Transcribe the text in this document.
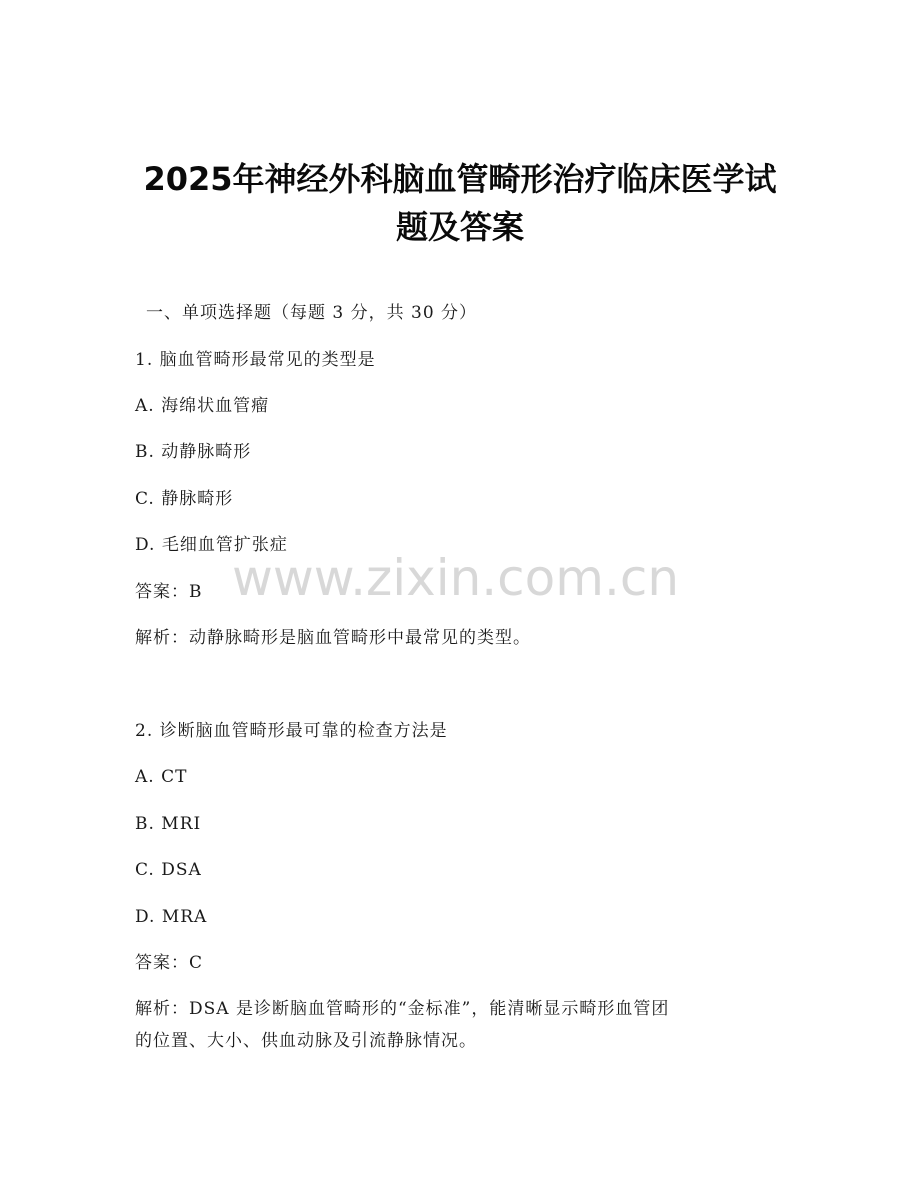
2025年神经外科脑血管畸形治疗临床医学试
题及答案
一、单项选择题（每题 3 分，共 30 分）
1. 脑血管畸形最常见的类型是
A. 海绵状血管瘤
B. 动静脉畸形
C. 静脉畸形
D. 毛细血管扩张症
答案：B
解析：动静脉畸形是脑血管畸形中最常见的类型。
2. 诊断脑血管畸形最可靠的检查方法是
A. CT
B. MRI
C. DSA
D. MRA
答案：C
解析：DSA 是诊断脑血管畸形的“金标准”，能清晰显示畸形血管团
的位置、大小、供血动脉及引流静脉情况。
www.zixin.com.cn
